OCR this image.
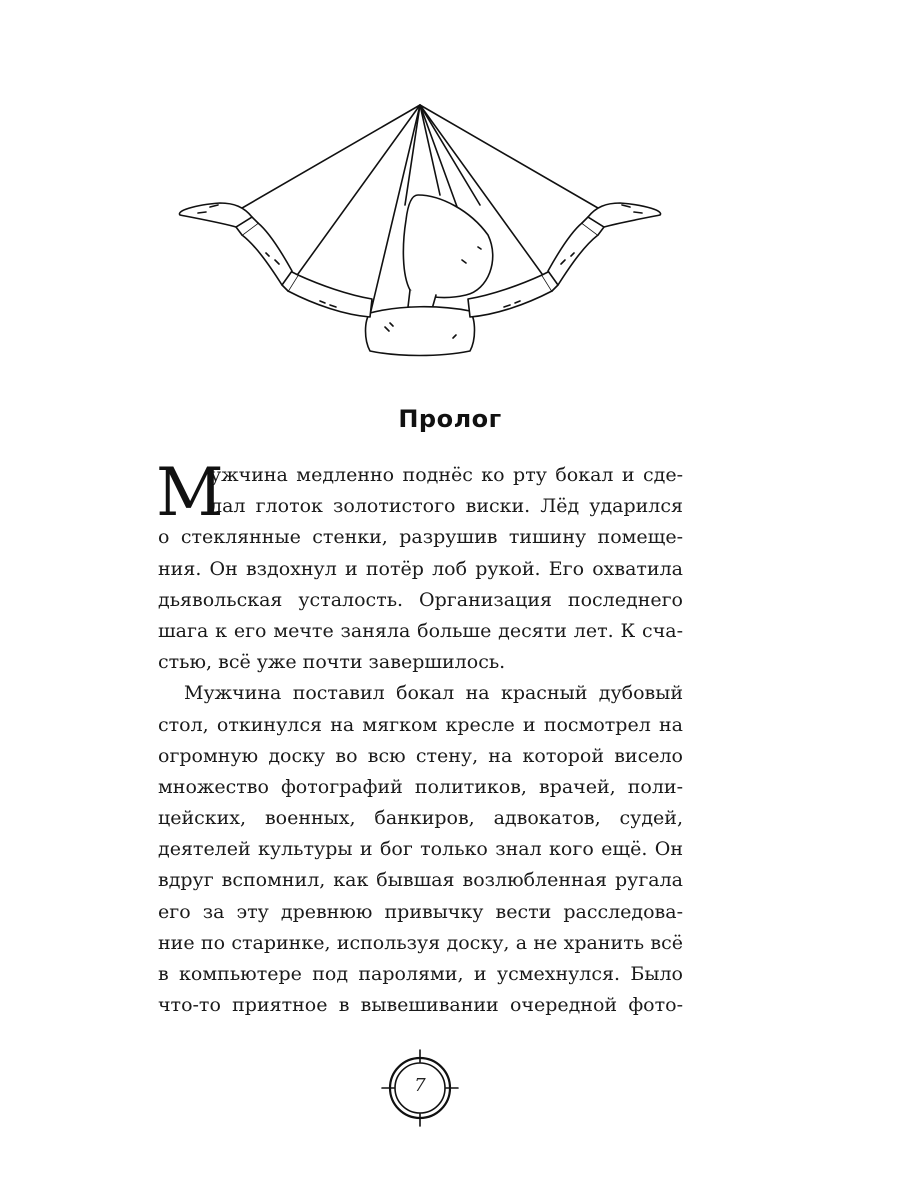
Пролог
М
ужчина медленно поднёс ко рту бокал и сде-
лал глоток золотистого виски. Лёд ударился
о стеклянные стенки, разрушив тишину помеще-
ния. Он вздохнул и потёр лоб рукой. Его охватила
дьявольская усталость. Организация последнего
шага к его мечте заняла больше десяти лет. К сча-
стью, всё уже почти завершилось.
Мужчина поставил бокал на красный дубовый
стол, откинулся на мягком кресле и посмотрел на
огромную доску во всю стену, на которой висело
множество фотографий политиков, врачей, поли-
цейских, военных, банкиров, адвокатов, судей,
деятелей культуры и бог только знал кого ещё. Он
вдруг вспомнил, как бывшая возлюбленная ругала
его за эту древнюю привычку вести расследова-
ние по старинке, используя доску, а не хранить всё
в компьютере под паролями, и усмехнулся. Было
что-то приятное в вывешивании очередной фото-
7
